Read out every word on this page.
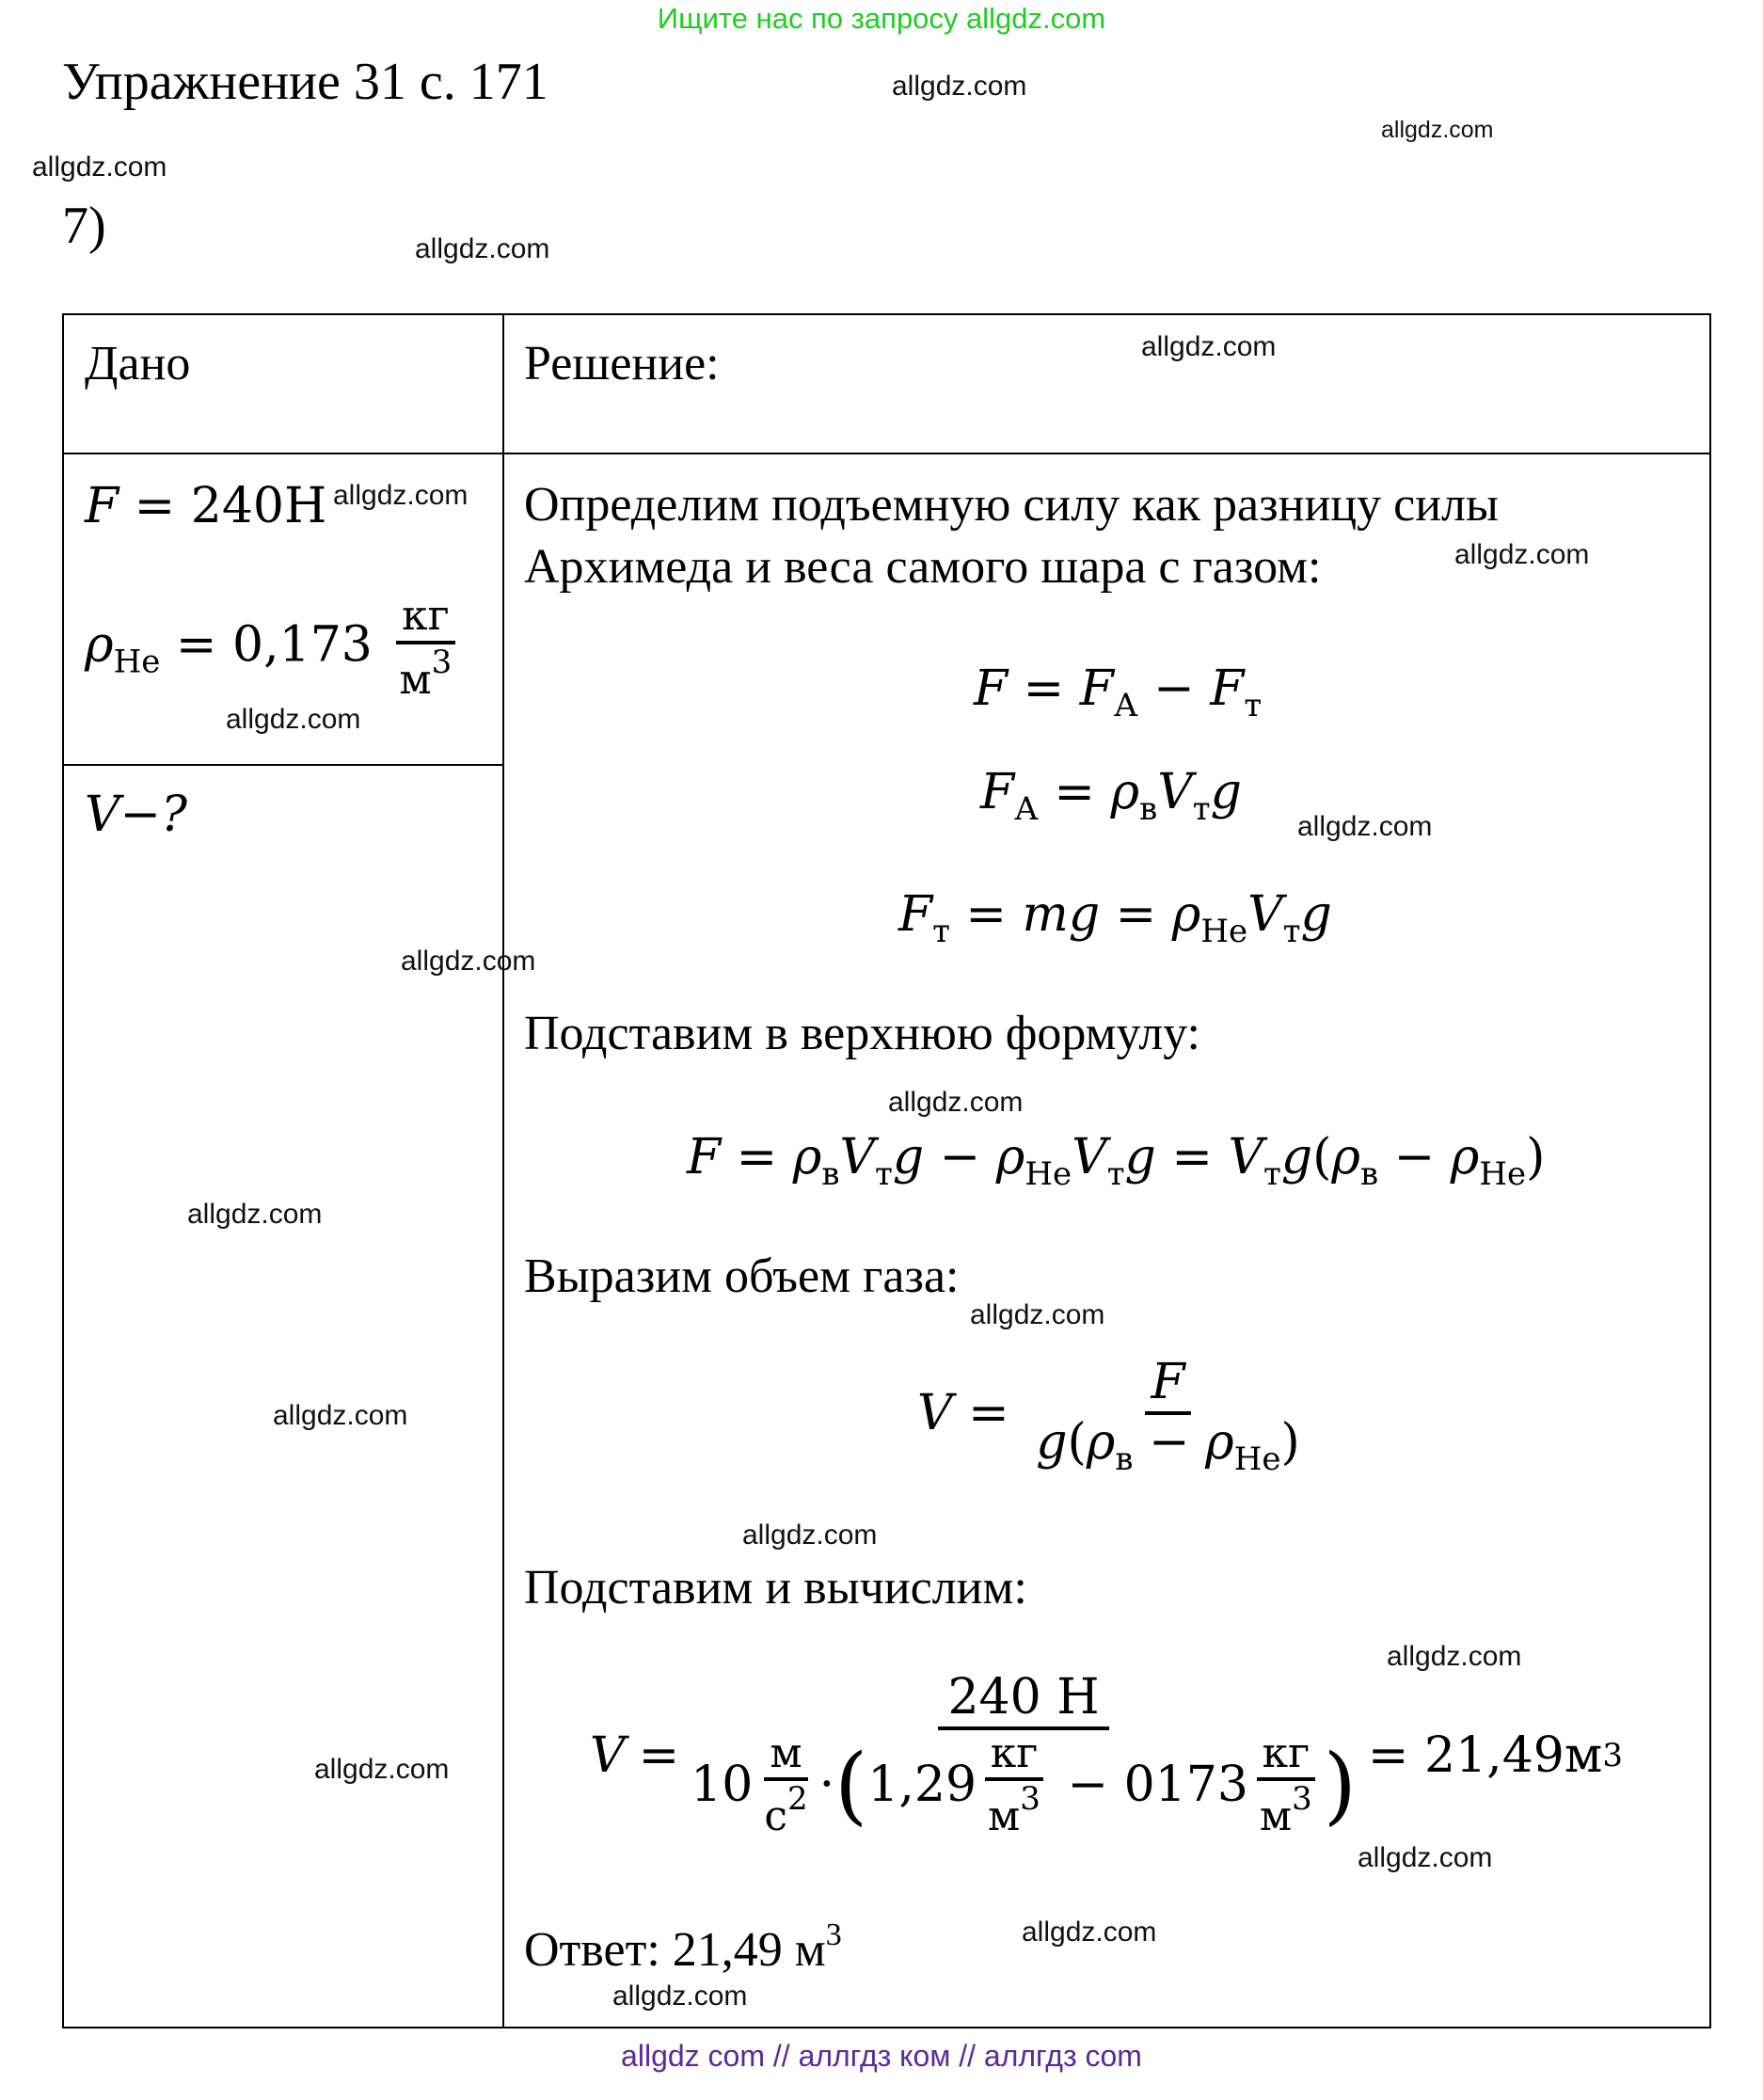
Ищите нас по запросу allgdz.com
Упражнение 31 с. 171
7)
Дано
F = 240Н
$\rho_{He} = 0,173 \frac{кг}{м^3}$
V−?
Решение:
Определим подъемную силу как разницу силы
Архимеда и веса самого шара с газом:
$F = F_А - F_т$
$F_А = \rho_вV_тg$
$F_т$ = mg = $\rho_{He}V_тg$
Подставим в верхнюю формулу:
$F = \rho_вV_тg - \rho_{He}V_тg = V_тg(\rho_в - \rho_{He})$
Выразим объем газа:
$V = \frac{F}{g(\rho_в - \rho_{He})}$
Подставим и вычислим:
V =
240 Н
$10 \frac{м}{с^2}$ · ( $1,29 \frac{кг}{м^3} - 0173 \frac{кг}{м^3}$ ) = 21,49м 3
Ответ: 21,49 $м^3$
allgdz.com
allgdz.com
allgdz.com
allgdz.com
allgdz.com
allgdz.com
allgdz.com
allgdz.com
allgdz.com
allgdz.com
allgdz.com
allgdz.com
allgdz.com
allgdz.com
allgdz.com
allgdz.com
allgdz.com
allgdz.com
allgdz.com
allgdz.com
allgdz com // аллгдз ком // аллгдз com
